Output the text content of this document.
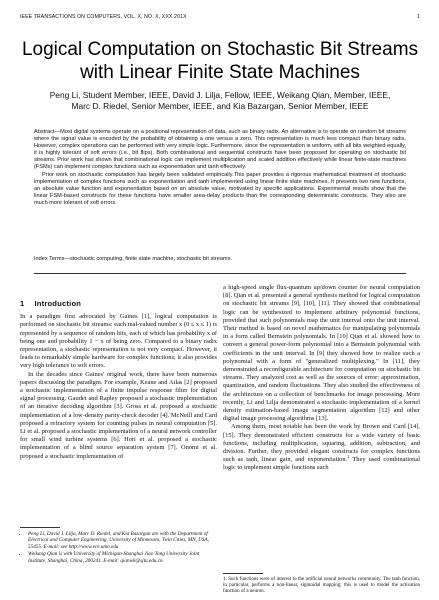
IEEE TRANSACTIONS ON COMPUTERS, VOL. X, NO. X, XXX 201X	1
Logical Computation on Stochastic Bit Streams with Linear Finite State Machines
Peng Li, Student Member, IEEE, David J. Lilja, Fellow, IEEE, Weikang Qian, Member, IEEE,
Marc D. Riedel, Senior Member, IEEE, and Kia Bazargan, Senior Member, IEEE

Abstract—Most digital systems operate on a positional representation of data, such as binary radix. An alternative is to operate on random bit streams where the signal value is encoded by the probability of obtaining a one versus a zero. This representation is much less compact than binary radix. However, complex operations can be performed with very simple logic. Furthermore, since the representation is uniform, with all bits weighted equally, it is highly tolerant of soft errors (i.e., bit flips). Both combinational and sequential constructs have been proposed for operating on stochastic bit streams. Prior work has shown that combinational logic can implement multiplication and scaled addition effectively while linear finite-state machines (FSMs) can implement complex functions such as exponentiation and tanh effectively.

Prior work on stochastic computation has largely been validated empirically.This paper provides a rigorous mathematical treatment of stochastic implementation of complex functions such as exponentiation and tanh implemented using linear finite state machines. It presents two new functions, an absolute value function and exponentiation based on an absolute value, motivated by specific applications. Experimental results show that the linear FSM-based constructs for these functions have smaller area-delay products than the corresponding deterministic constructs. They also are much more tolerant of soft errors.

Index Terms—stochastic computing, finite state machine, stochastic bit streams.
1 Introduction

In a paradigm first advocated by Gaines [1], logical computation is performed on stochastic bit streams: each real-valued number x (0 ≤ x ≤ 1) is represented by a sequence of random bits, each of which has probability x of being one and probability 1 − x of being zero. Compared to a binary radix representation, a stochastic representation is not very compact. However, it leads to remarkably simple hardware for complex functions; it also provides very high tolerance to soft errors.

In the decades since Gaines' original work, there have been numerous papers discussing the paradigm. For example, Keane and Atlas [2] proposed a stochastic implementation of a finite impulse response filter for digital signal processing. Gaudet and Rapley proposed a stochastic implementation of an iterative decoding algorithm [3]. Gross et al. proposed a stochastic implementation of a low-density parity-check decoder [4]. McNeill and Card proposed a refractory system for counting pulses in neural computation [5]. Li et al. proposed a stochastic implementation of a neural network controller for small wind turbine systems [6]. Hori et al. proposed a stochastic implementation of a blind source separation system [7]. Onomi et al. proposed a stochastic implementation of

• Peng Li, David J. Lilja, Marc D. Riedel, and Kia Bazargan are with the Department of Electrical and Computer Engineering, University of Minnesota, Twin Cities, MN, USA, 55455. E-mail: see http://www.ece.umn.edu
• Weikang Qian is with University of Michigan-Shanghai Jiao Tong University Joint Institute, Shanghai, China, 200241. E-mail: qianwk@sjtu.edu.cn.

a high-speed single flux-quantum up/down counter for neural computation [8]. Qian et al. presented a general synthesis method for logical computation on stochastic bit streams [9], [10], [11]. They showed that combinational logic can be synthesized to implement arbitrary polynomial functions, provided that such polynomials map the unit interval onto the unit interval. Their method is based on novel mathematics for manipulating polynomials in a form called Bernstein polynomials. In [10] Qian et al. showed how to convert a general power-form polynomial into a Bernstein polynomial with coefficients in the unit interval. In [9] they showed how to realize such a polynomial with a form of "generalized multiplexing." In [11], they demonstrated a reconfigurable architecture for computation on stochastic bit streams. They analyzed cost as well as the sources of error: approximation, quantization, and random fluctuations. They also studied the effectiveness of the architecture on a collection of benchmarks for image processing. More recently, Li and Lilja demonstrated a stochastic implementation of a kernel density estimation-based image segmentation algorithm [12] and other digital image processing algorithms [13].

Among them, most notable has been the work by Brown and Card [14], [15]. They demonstrated efficient constructs for a wide variety of basic functions, including multiplication, squaring, addition, subtraction, and division. Further, they provided elegant constructs for complex functions such as tanh, linear gain, and exponentiation.$^1$ They used combinational logic to implement simple functions such

1. Such functions were of interest to the artificial neural networks community. The tanh function, in particular, performs a non-linear, sigmoidal mapping; this is used to model the activation function of a neuron.
